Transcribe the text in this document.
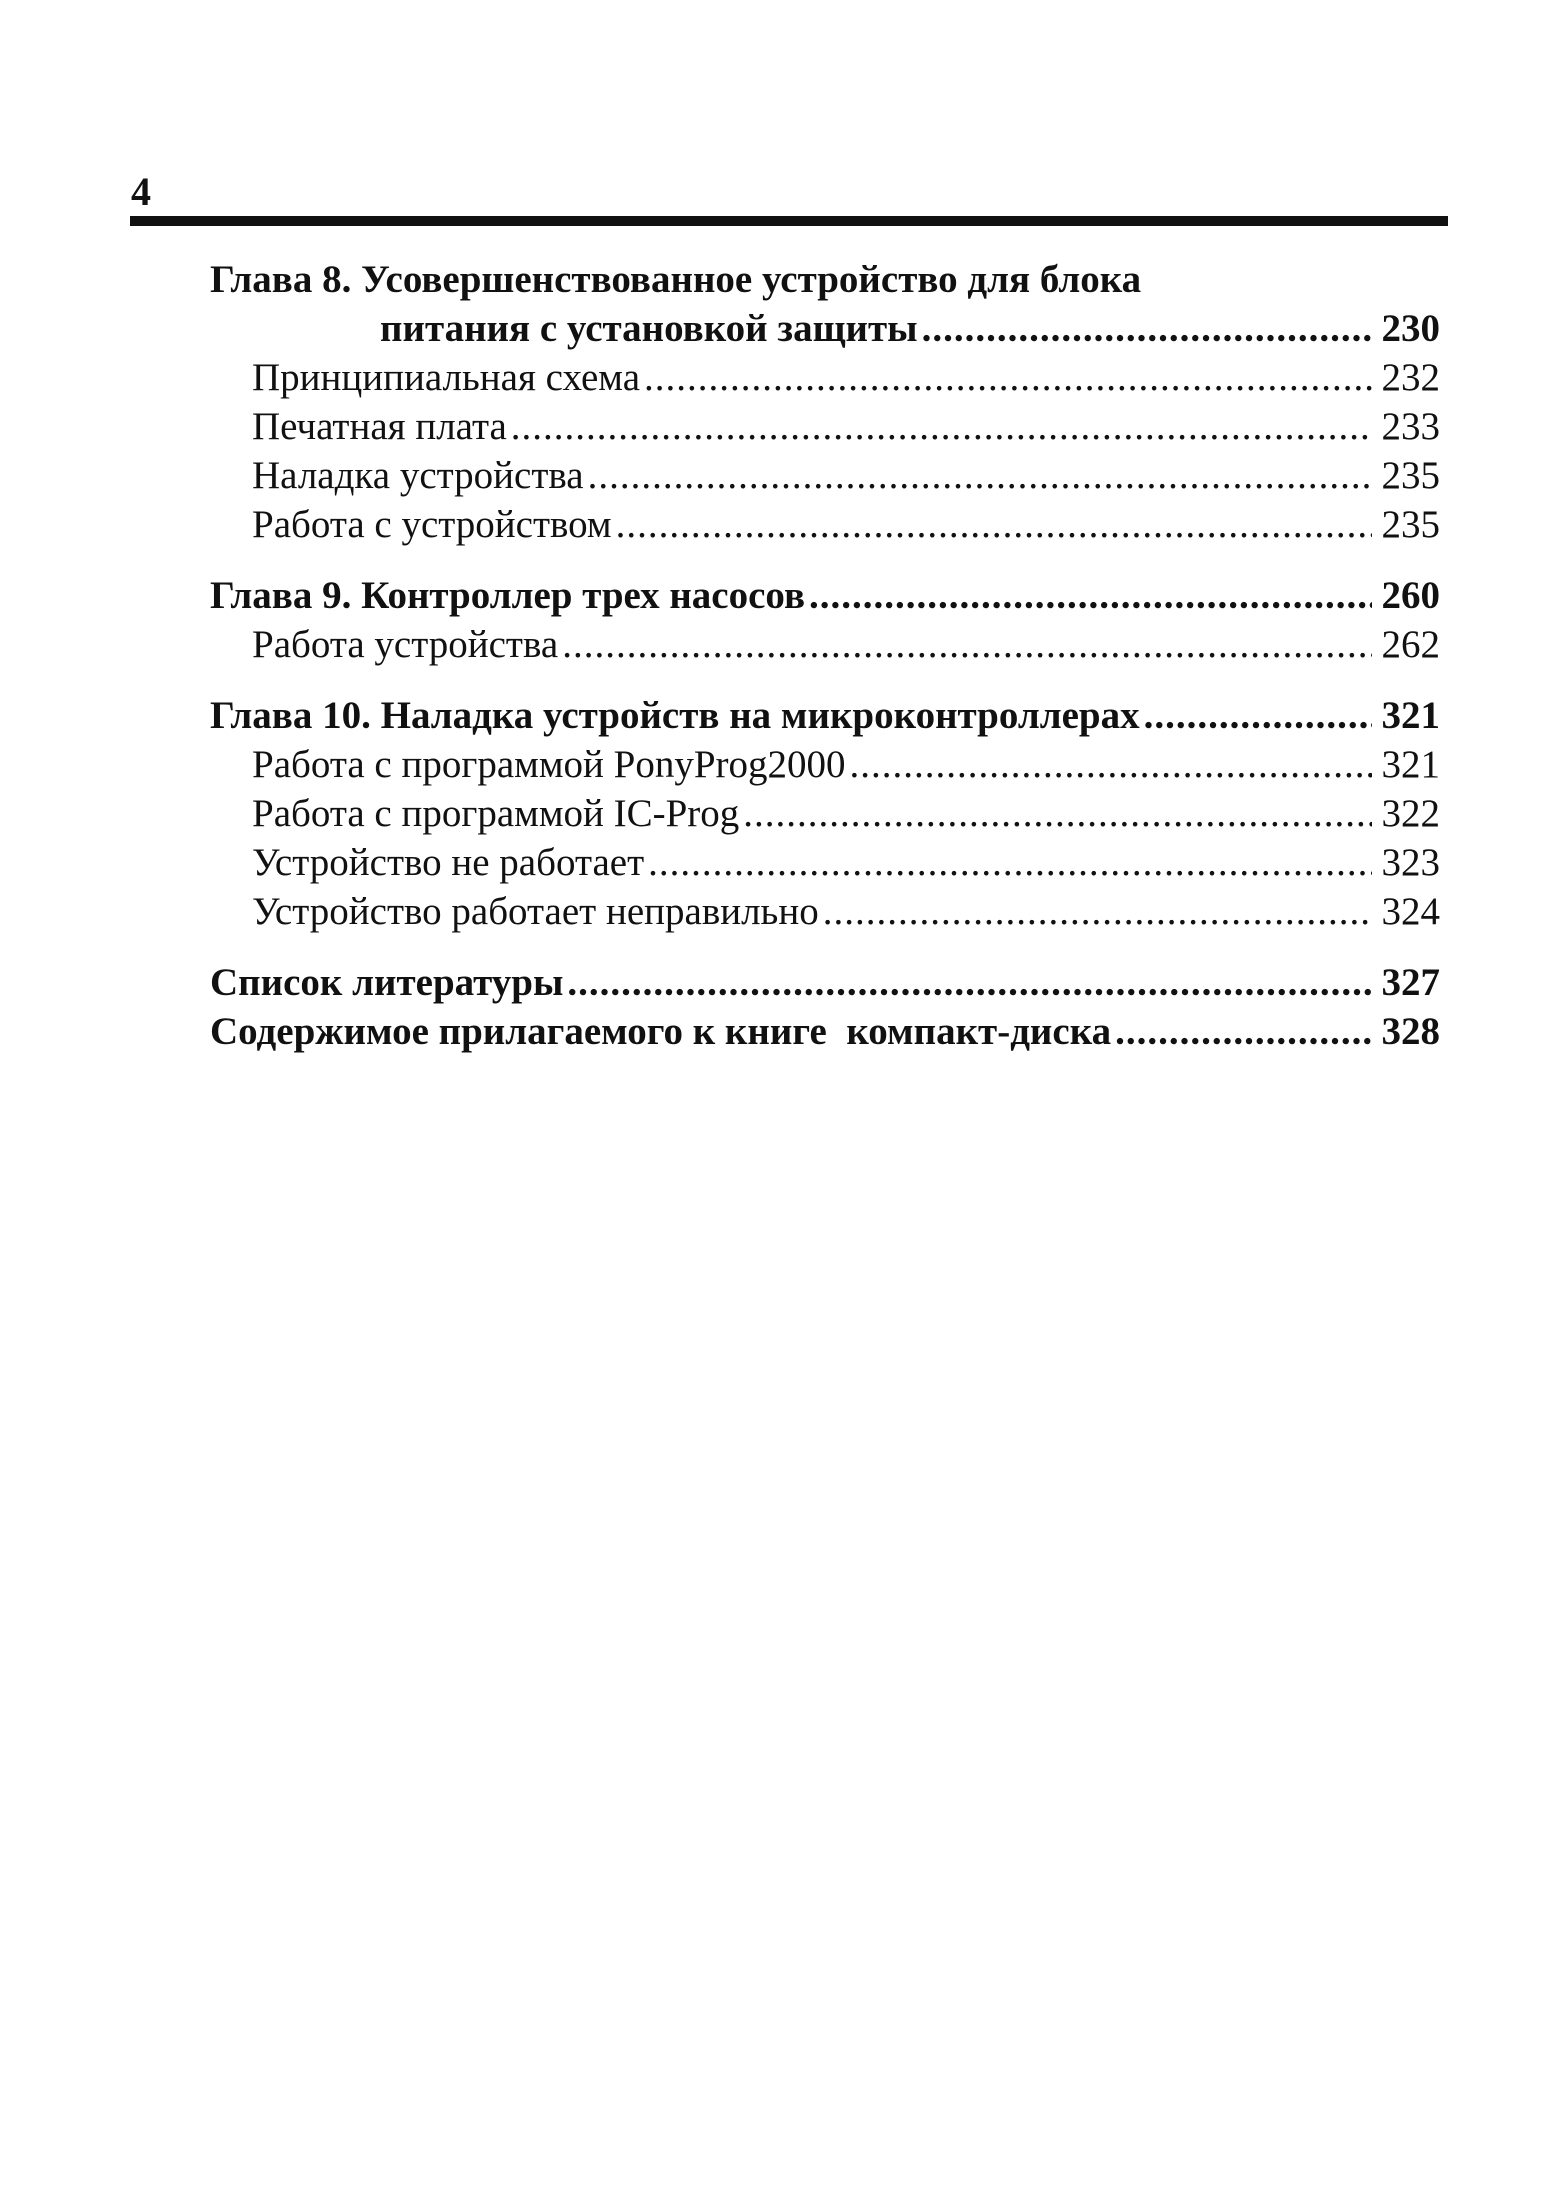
4
Глава 8. Усовершенствованное устройство для блока
питания с установкой защиты .....	230
Принципиальная схема .....	232
Печатная плата .....	233
Наладка устройства .....	235
Работа с устройством .....	235
Глава 9. Контроллер трех насосов .....	260
Работа устройства .....	262
Глава 10. Наладка устройств на микроконтроллерах .....	321
Работа с программой PonyProg2000 .....	321
Работа с программой IC-Prog .....	322
Устройство не работает .....	323
Устройство работает неправильно .....	324
Список литературы .....	327
Содержимое прилагаемого к книге  компакт-диска .....	328
